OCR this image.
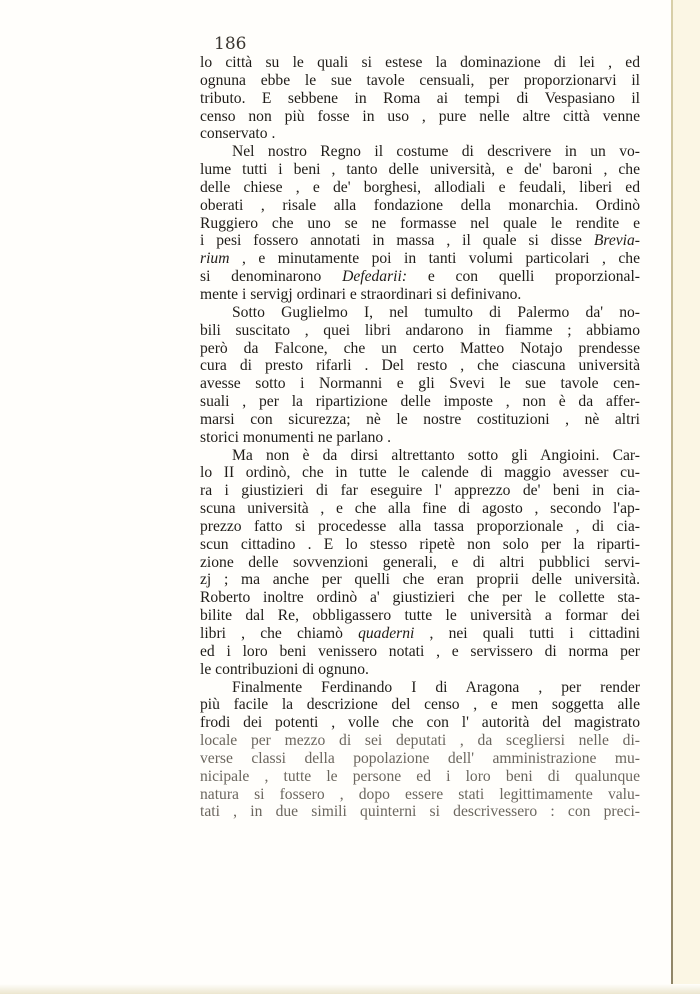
186
lo città su le quali si estese la dominazione di lei , ed
ognuna ebbe le sue tavole censuali, per proporzionarvi il
tributo. E sebbene in Roma ai tempi di Vespasiano il
censo non più fosse in uso , pure nelle altre città venne
conservato .
Nel nostro Regno il costume di descrivere in un vo-
lume tutti i beni , tanto delle università, e de' baroni , che
delle chiese , e de' borghesi, allodiali e feudali, liberi ed
oberati , risale alla fondazione della monarchia. Ordinò
Ruggiero che uno se ne formasse nel quale le rendite e
i pesi fossero annotati in massa , il quale si disse Brevia-
rium , e minutamente poi in tanti volumi particolari , che
si denominarono Defedarii: e con quelli proporzional-
mente i servigj ordinari e straordinari si definivano.
Sotto Guglielmo I, nel tumulto di Palermo da' no-
bili suscitato , quei libri andarono in fiamme ; abbiamo
però da Falcone, che un certo Matteo Notajo prendesse
cura di presto rifarli . Del resto , che ciascuna università
avesse sotto i Normanni e gli Svevi le sue tavole cen-
suali , per la ripartizione delle imposte , non è da affer-
marsi con sicurezza; nè le nostre costituzioni , nè altri
storici monumenti ne parlano .
Ma non è da dirsi altrettanto sotto gli Angioini. Car-
lo II ordinò, che in tutte le calende di maggio avesser cu-
ra i giustizieri di far eseguire l' apprezzo de' beni in cia-
scuna università , e che alla fine di agosto , secondo l'ap-
prezzo fatto si procedesse alla tassa proporzionale , di cia-
scun cittadino . E lo stesso ripetè non solo per la riparti-
zione delle sovvenzioni generali, e di altri pubblici servi-
zj ; ma anche per quelli che eran proprii delle università.
Roberto inoltre ordinò a' giustizieri che per le collette sta-
bilite dal Re, obbligassero tutte le università a formar dei
libri , che chiamò quaderni , nei quali tutti i cittadini
ed i loro beni venissero notati , e servissero di norma per
le contribuzioni di ognuno.
Finalmente Ferdinando I di Aragona , per render
più facile la descrizione del censo , e men soggetta alle
frodi dei potenti , volle che con l' autorità del magistrato
locale per mezzo di sei deputati , da scegliersi nelle di-
verse classi della popolazione dell' amministrazione mu-
nicipale , tutte le persone ed i loro beni di qualunque
natura si fossero , dopo essere stati legittimamente valu-
tati , in due simili quinterni si descrivessero : con preci-
